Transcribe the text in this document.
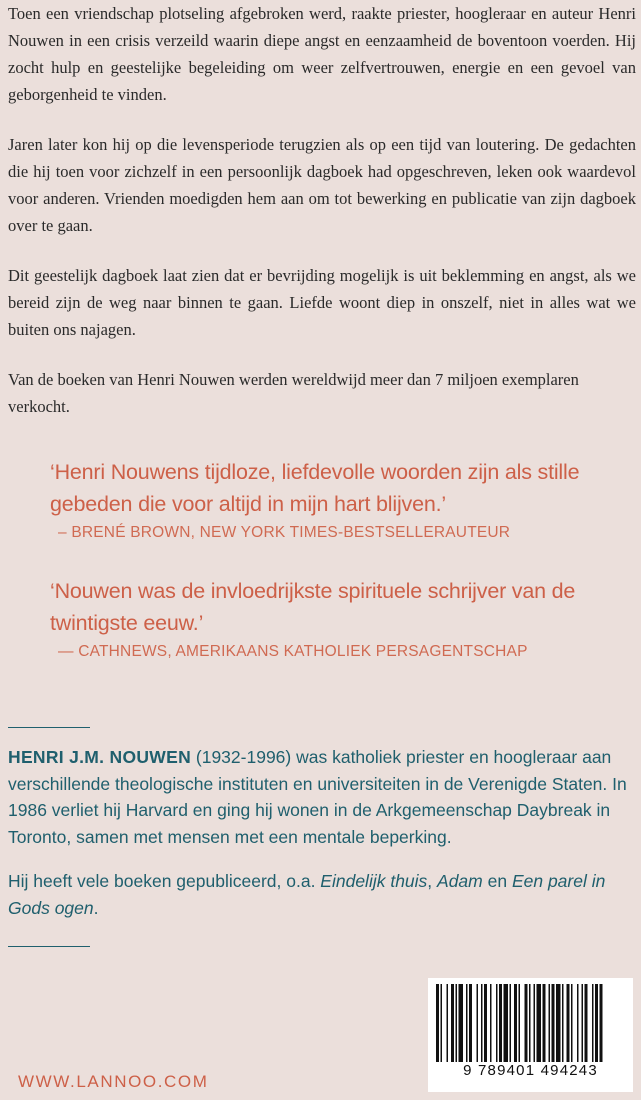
Toen een vriendschap plotseling afgebroken werd, raakte priester, hoogleraar en auteur Henri Nouwen in een crisis verzeild waarin diepe angst en eenzaamheid de boventoon voerden. Hij zocht hulp en geestelijke begeleiding om weer zelfvertrouwen, energie en een gevoel van geborgenheid te vinden.

Jaren later kon hij op die levensperiode terugzien als op een tijd van loutering. De gedachten die hij toen voor zichzelf in een persoonlijk dagboek had opgeschreven, leken ook waardevol voor anderen. Vrienden moedigden hem aan om tot bewerking en publicatie van zijn dagboek over te gaan.

Dit geestelijk dagboek laat zien dat er bevrijding mogelijk is uit beklemming en angst, als we bereid zijn de weg naar binnen te gaan. Liefde woont diep in onszelf, niet in alles wat we buiten ons najagen.

Van de boeken van Henri Nouwen werden wereldwijd meer dan 7 miljoen exemplaren verkocht.

‘Henri Nouwens tijdloze, liefdevolle woorden zijn als stille gebeden die voor altijd in mijn hart blijven.’

– BRENÉ BROWN, NEW YORK TIMES-BESTSELLERAUTEUR

‘Nouwen was de invloedrijkste spirituele schrijver van de twintigste eeuw.’

— CATHNEWS, AMERIKAANS KATHOLIEK PERSAGENTSCHAP

HENRI J.M. NOUWEN (1932-1996) was katholiek priester en hoogleraar aan verschillende theologische instituten en universiteiten in de Verenigde Staten. In 1986 verliet hij Harvard en ging hij wonen in de Arkgemeenschap Daybreak in Toronto, samen met mensen met een mentale beperking.

Hij heeft vele boeken gepubliceerd, o.a. Eindelijk thuis, Adam en Een parel in Gods ogen.

WWW.LANNOO.COM
9 789401 494243
